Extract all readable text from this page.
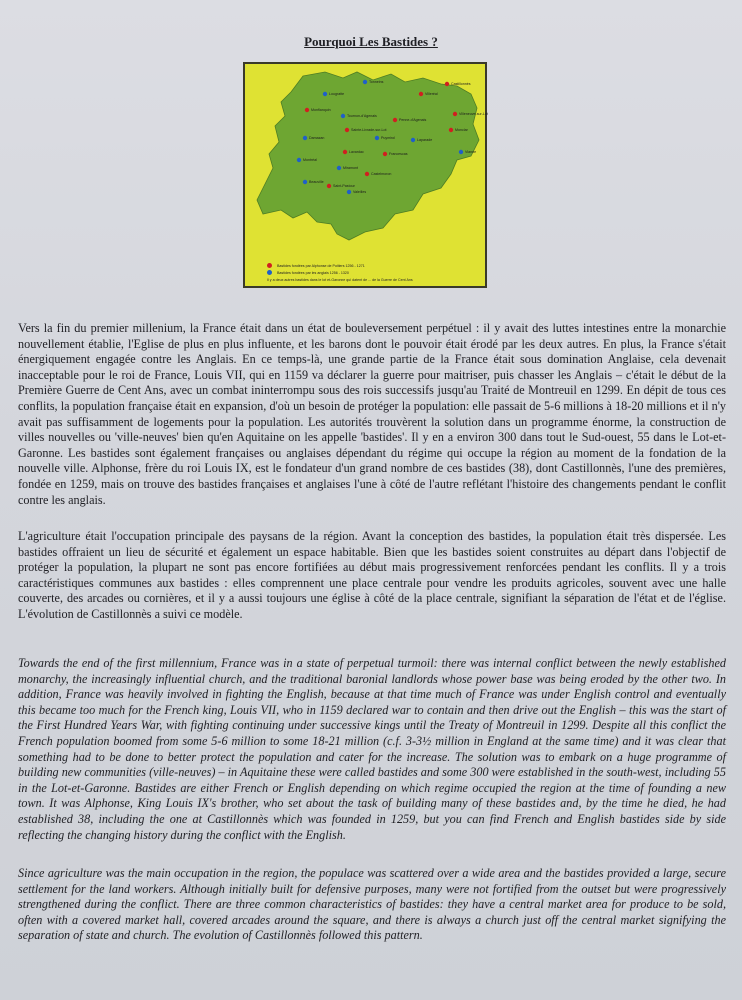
Pourquoi Les Bastides ?
Bastides fondées par Alphonse de Poitiers 1256 - 1271
Bastides fondées par les anglais 1256 - 1320
Il y a deux autres bastides dans le lot et-Garonne qui datent de ... de la Guerre de Cent Ans
Tonneins	Castillonnès
Lougratte	Villeréal
Monflanquin
Villeneuve-sur-Lot
Tournon-d'Agenais
Penne-d'Agenais
Sainte-Livrade-sur-Lot	Monclar
Damazan	Puymirol	Laparade
Vianne
Lavardac	Francescas
Montréal
Miramont
Castelmoron
Saint-Pastour
Valeilles
Beauville

Vers la fin du premier millenium, la France était dans un état de bouleversement perpétuel : il y avait des luttes intestines entre la monarchie nouvellement établie, l'Eglise de plus en plus influente, et les barons dont le pouvoir était érodé par les deux autres. En plus, la France s'était énergiquement engagée contre les Anglais. En ce temps-là, une grande partie de la France était sous domination Anglaise, cela devenait inacceptable pour le roi de France, Louis VII, qui en 1159 va déclarer la guerre pour maitriser, puis chasser les Anglais – c'était le début de la Première Guerre de Cent Ans, avec un combat ininterrompu sous des rois successifs jusqu'au Traité de Montreuil en 1299. En dépit de tous ces conflits, la population française était en expansion, d'où un besoin de protéger la population: elle passait de 5-6 millions à 18-20 millions et il n'y avait pas suffisamment de logements pour la population. Les autorités trouvèrent la solution dans un programme énorme, la construction de villes nouvelles ou 'ville-neuves' bien qu'en Aquitaine on les appelle 'bastides'. Il y en a environ 300 dans tout le Sud-ouest, 55 dans le Lot-et-Garonne. Les bastides sont également françaises ou anglaises dépendant du régime qui occupe la région au moment de la fondation de la nouvelle ville. Alphonse, frère du roi Louis IX, est le fondateur d'un grand nombre de ces bastides (38), dont Castillonnès, l'une des premières, fondée en 1259, mais on trouve des bastides françaises et anglaises l'une à côté de l'autre reflétant l'histoire des changements pendant le conflit contre les anglais.

L'agriculture était l'occupation principale des paysans de la région. Avant la conception des bastides, la population était très dispersée. Les bastides offraient un lieu de sécurité et également un espace habitable. Bien que les bastides soient construites au départ dans l'objectif de protéger la population, la plupart ne sont pas encore fortifiées au début mais progressivement renforcées pendant les conflits. Il y a trois caractéristiques communes aux bastides : elles comprennent une place centrale pour vendre les produits agricoles, souvent avec une halle couverte, des arcades ou cornières, et il y a aussi toujours une église à côté de la place centrale, signifiant la séparation de l'état et de l'église. L'évolution de Castillonnès a suivi ce modèle.

Towards the end of the first millennium, France was in a state of perpetual turmoil: there was internal conflict between the newly established monarchy, the increasingly influential church, and the traditional baronial landlords whose power base was being eroded by the other two. In addition, France was heavily involved in fighting the English, because at that time much of France was under English control and eventually this became too much for the French king, Louis VII, who in 1159 declared war to contain and then drive out the English – this was the start of the First Hundred Years War, with fighting continuing under successive kings until the Treaty of Montreuil in 1299. Despite all this conflict the French population boomed from some 5-6 million to some 18-21 million (c.f. 3-3½ million in England at the same time) and it was clear that something had to be done to better protect the population and cater for the increase. The solution was to embark on a huge programme of building new communities (ville-neuves) – in Aquitaine these were called bastides and some 300 were established in the south-west, including 55 in the Lot-et-Garonne. Bastides are either French or English depending on which regime occupied the region at the time of founding a new town. It was Alphonse, King Louis IX's brother, who set about the task of building many of these bastides and, by the time he died, he had established 38, including the one at Castillonnès which was founded in 1259, but you can find French and English bastides side by side reflecting the changing history during the conflict with the English.

Since agriculture was the main occupation in the region, the populace was scattered over a wide area and the bastides provided a large, secure settlement for the land workers. Although initially built for defensive purposes, many were not fortified from the outset but were progressively strengthened during the conflict. There are three common characteristics of bastides: they have a central market area for produce to be sold, often with a covered market hall, covered arcades around the square, and there is always a church just off the central market signifying the separation of state and church. The evolution of Castillonnès followed this pattern.
